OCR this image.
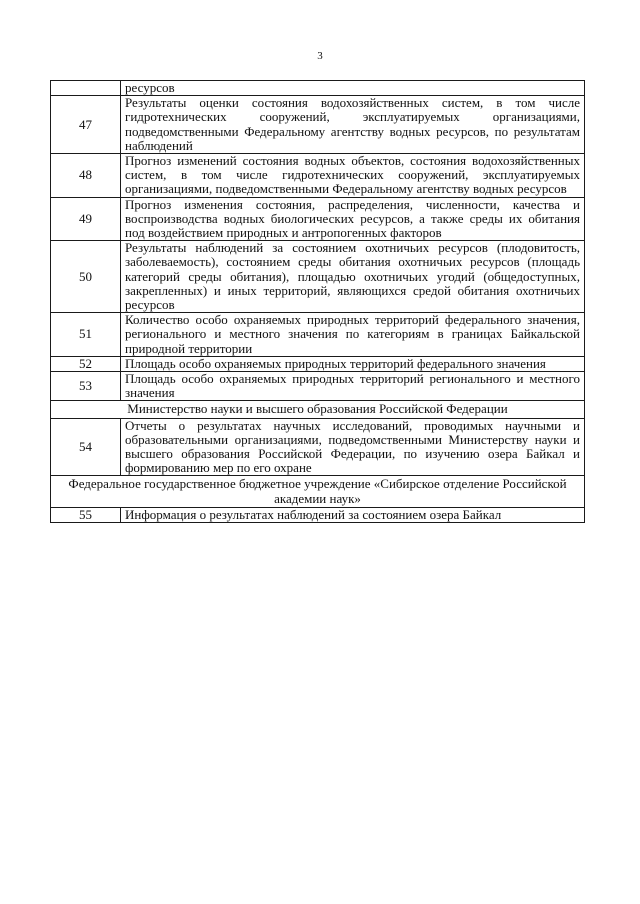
3
	ресурсов
47	Результаты оценки состояния водохозяйственных систем, в том числе гидротехнических сооружений, эксплуатируемых организациями, подведомственными Федеральному агентству водных ресурсов, по результатам наблюдений
48	Прогноз изменений состояния водных объектов, состояния водохозяйственных систем, в том числе гидротехнических сооружений, эксплуатируемых организациями, подведомственными Федеральному агентству водных ресурсов
49	Прогноз изменения состояния, распределения, численности, качества и воспроизводства водных биологических ресурсов, а также среды их обитания под воздействием природных и антропогенных факторов
50	Результаты наблюдений за состоянием охотничьих ресурсов (плодовитость, заболеваемость), состоянием среды обитания охотничьих ресурсов (площадь категорий среды обитания), площадью охотничьих угодий (общедоступных, закрепленных) и иных территорий, являющихся средой обитания охотничьих ресурсов
51	Количество особо охраняемых природных территорий федерального значения, регионального и местного значения по категориям в границах Байкальской природной территории
52	Площадь особо охраняемых природных территорий федерального значения
53	Площадь особо охраняемых природных территорий регионального и местного значения
Министерство науки и высшего образования Российской Федерации	
54	Отчеты о результатах научных исследований, проводимых научными и образовательными организациями, подведомственными Министерству науки и высшего образования Российской Федерации, по изучению озера Байкал и формированию мер по его охране
Федеральное государственное бюджетное учреждение «Сибирское отделение Российской академии наук»	
55	Информация о результатах наблюдений за состоянием озера Байкал
